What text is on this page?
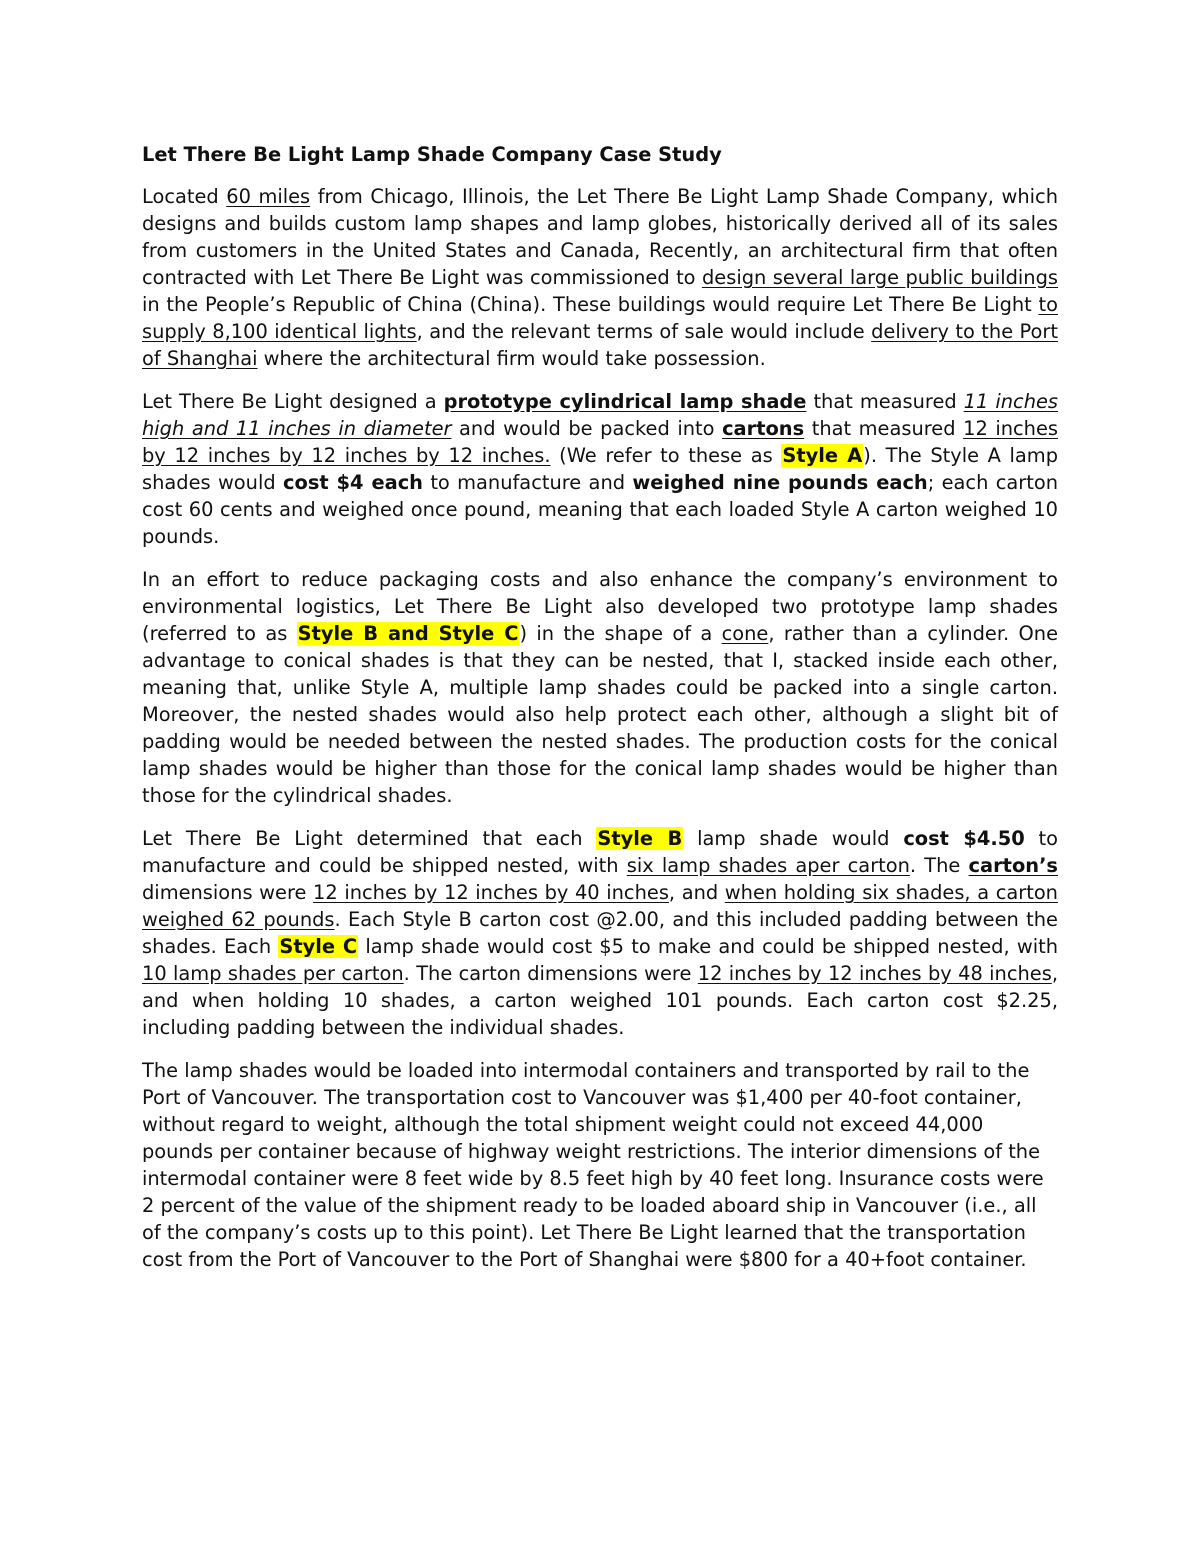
Let There Be Light Lamp Shade Company Case Study

Located 60 miles from Chicago, Illinois, the Let There Be Light Lamp Shade Company, which designs and builds custom lamp shapes and lamp globes, historically derived all of its sales from customers in the United States and Canada, Recently, an architectural firm that often contracted with Let There Be Light was commissioned to design several large public buildings in the People’s Republic of China (China). These buildings would require Let There Be Light to supply 8,100 identical lights, and the relevant terms of sale would include delivery to the Port of Shanghai where the architectural firm would take possession.

Let There Be Light designed a prototype cylindrical lamp shade that measured 11 inches high and 11 inches in diameter and would be packed into cartons that measured 12 inches by 12 inches by 12 inches by 12 inches. (We refer to these as Style A). The Style A lamp shades would cost $4 each to manufacture and weighed nine pounds each; each carton cost 60 cents and weighed once pound, meaning that each loaded Style A carton weighed 10 pounds.

In an effort to reduce packaging costs and also enhance the company’s environment to environmental logistics, Let There Be Light also developed two prototype lamp shades (referred to as Style B and Style C) in the shape of a cone, rather than a cylinder. One advantage to conical shades is that they can be nested, that I, stacked inside each other, meaning that, unlike Style A, multiple lamp shades could be packed into a single carton. Moreover, the nested shades would also help protect each other, although a slight bit of padding would be needed between the nested shades. The production costs for the conical lamp shades would be higher than those for the conical lamp shades would be higher than those for the cylindrical shades.

Let There Be Light determined that each Style B lamp shade would cost $4.50 to manufacture and could be shipped nested, with six lamp shades aper carton. The carton’s dimensions were 12 inches by 12 inches by 40 inches, and when holding six shades, a carton weighed 62 pounds. Each Style B carton cost @2.00, and this included padding between the shades. Each Style C lamp shade would cost $5 to make and could be shipped nested, with 10 lamp shades per carton. The carton dimensions were 12 inches by 12 inches by 48 inches, and when holding 10 shades, a carton weighed 101 pounds. Each carton cost $2.25, including padding between the individual shades.

The lamp shades would be loaded into intermodal containers and transported by rail to the Port of Vancouver. The transportation cost to Vancouver was $1,400 per 40-foot container, without regard to weight, although the total shipment weight could not exceed 44,000 pounds per container because of highway weight restrictions. The interior dimensions of the intermodal container were 8 feet wide by 8.5 feet high by 40 feet long. Insurance costs were 2 percent of the value of the shipment ready to be loaded aboard ship in Vancouver (i.e., all of the company’s costs up to this point). Let There Be Light learned that the transportation cost from the Port of Vancouver to the Port of Shanghai were $800 for a 40+foot container.
